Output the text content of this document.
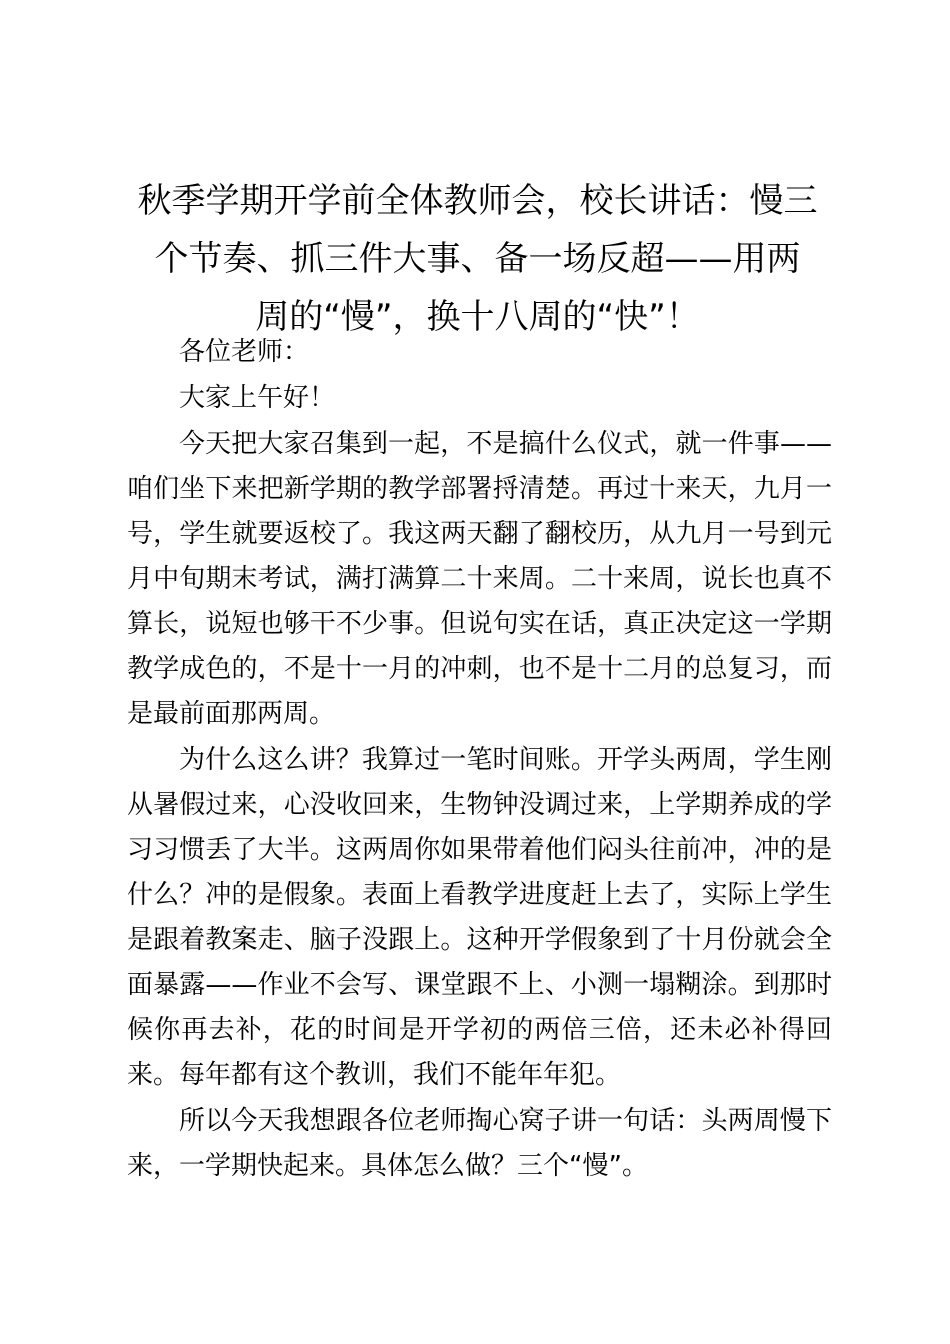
秋季学期开学前全体教师会，校长讲话：慢三
个节奏、抓三件大事、备一场反超——用两
周的“慢”，换十八周的“快”！

各位老师：

大家上午好！

今天把大家召集到一起，不是搞什么仪式，就一件事——咱们坐下来把新学期的教学部署捋清楚。再过十来天，九月一号，学生就要返校了。我这两天翻了翻校历，从九月一号到元月中旬期末考试，满打满算二十来周。二十来周，说长也真不算长，说短也够干不少事。但说句实在话，真正决定这一学期教学成色的，不是十一月的冲刺，也不是十二月的总复习，而是最前面那两周。

为什么这么讲？我算过一笔时间账。开学头两周，学生刚从暑假过来，心没收回来，生物钟没调过来，上学期养成的学习习惯丢了大半。这两周你如果带着他们闷头往前冲，冲的是什么？冲的是假象。表面上看教学进度赶上去了，实际上学生是跟着教案走、脑子没跟上。这种开学假象到了十月份就会全面暴露——作业不会写、课堂跟不上、小测一塌糊涂。到那时候你再去补，花的时间是开学初的两倍三倍，还未必补得回来。每年都有这个教训，我们不能年年犯。

所以今天我想跟各位老师掏心窝子讲一句话：头两周慢下来，一学期快起来。具体怎么做？三个“慢”。
